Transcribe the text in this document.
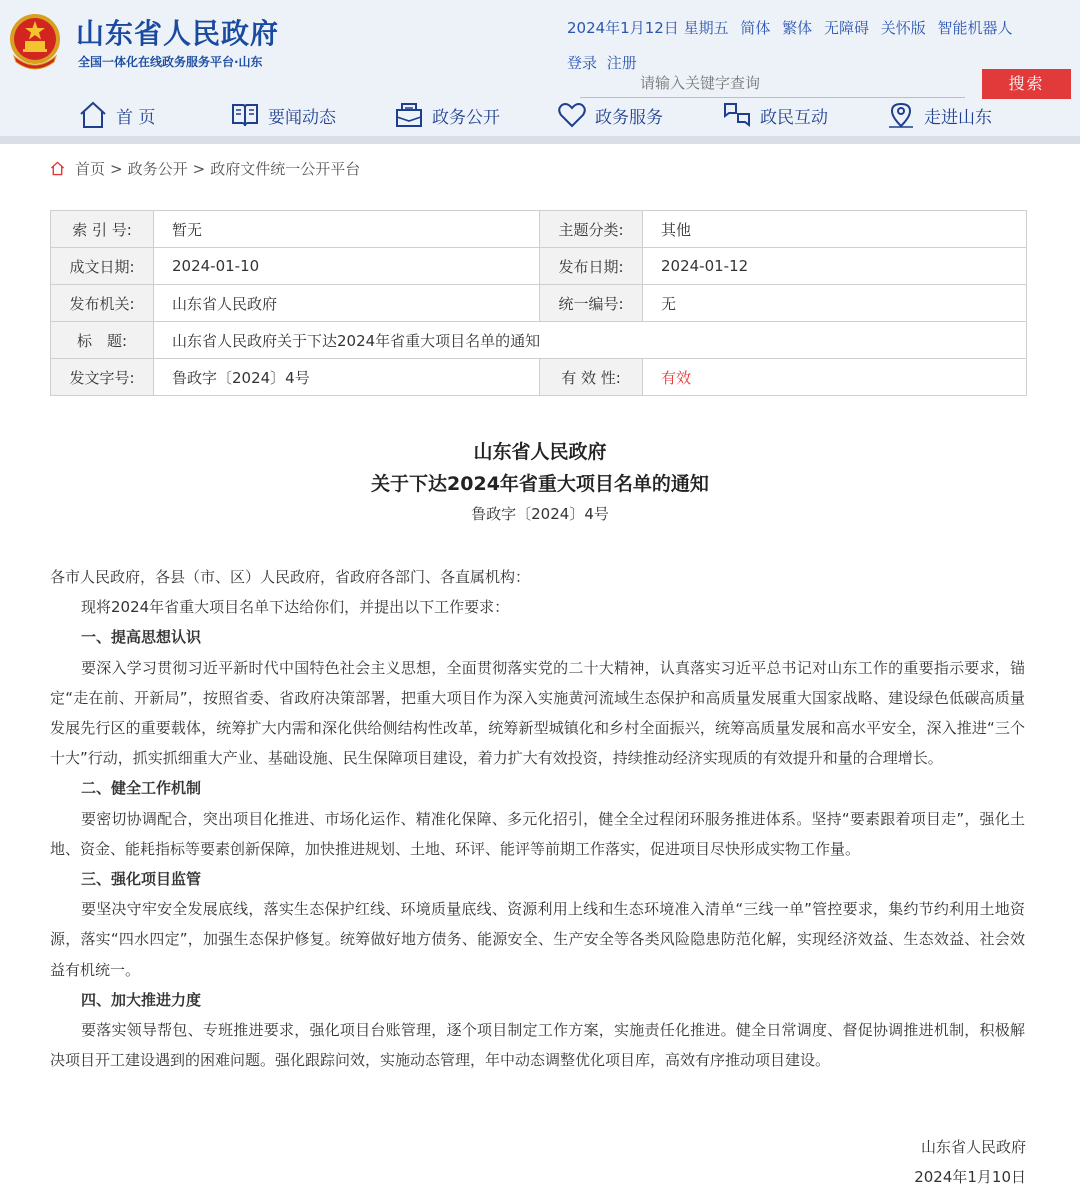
山东省人民政府
全国一体化在线政务服务平台·山东
2024年1月12日 星期五 简体 繁体 无障碍 关怀版 智能机器人
登录 注册
请输入关键字查询
搜索
首 页	要闻动态	政务公开	政务服务	政民互动	走进山东
首页 > 政务公开 > 政府文件统一公开平台
索 引 号:	暂无	主题分类:	其他
成文日期:	2024-01-10	发布日期:	2024-01-12
发布机关:	山东省人民政府	统一编号:	无
标　题:	山东省人民政府关于下达2024年省重大项目名单的通知		
发文字号:	鲁政字〔2024〕4号	有 效 性:	有效
山东省人民政府
关于下达2024年省重大项目名单的通知
鲁政字〔2024〕4号

各市人民政府，各县（市、区）人民政府，省政府各部门、各直属机构：

现将2024年省重大项目名单下达给你们，并提出以下工作要求：

一、提高思想认识

要深入学习贯彻习近平新时代中国特色社会主义思想，全面贯彻落实党的二十大精神，认真落实习近平总书记对山东工作的重要指示要求，锚定“走在前、开新局”，按照省委、省政府决策部署，把重大项目作为深入实施黄河流域生态保护和高质量发展重大国家战略、建设绿色低碳高质量发展先行区的重要载体，统筹扩大内需和深化供给侧结构性改革，统筹新型城镇化和乡村全面振兴，统筹高质量发展和高水平安全，深入推进“三个十大”行动，抓实抓细重大产业、基础设施、民生保障项目建设，着力扩大有效投资，持续推动经济实现质的有效提升和量的合理增长。

二、健全工作机制

要密切协调配合，突出项目化推进、市场化运作、精准化保障、多元化招引，健全全过程闭环服务推进体系。坚持“要素跟着项目走”，强化土地、资金、能耗指标等要素创新保障，加快推进规划、土地、环评、能评等前期工作落实，促进项目尽快形成实物工作量。

三、强化项目监管

要坚决守牢安全发展底线，落实生态保护红线、环境质量底线、资源利用上线和生态环境准入清单“三线一单”管控要求，集约节约利用土地资源，落实“四水四定”，加强生态保护修复。统筹做好地方债务、能源安全、生产安全等各类风险隐患防范化解，实现经济效益、生态效益、社会效益有机统一。

四、加大推进力度

要落实领导帮包、专班推进要求，强化项目台账管理，逐个项目制定工作方案，实施责任化推进。健全日常调度、督促协调推进机制，积极解决项目开工建设遇到的困难问题。强化跟踪问效，实施动态管理，年中动态调整优化项目库，高效有序推动项目建设。

山东省人民政府
2024年1月10日
